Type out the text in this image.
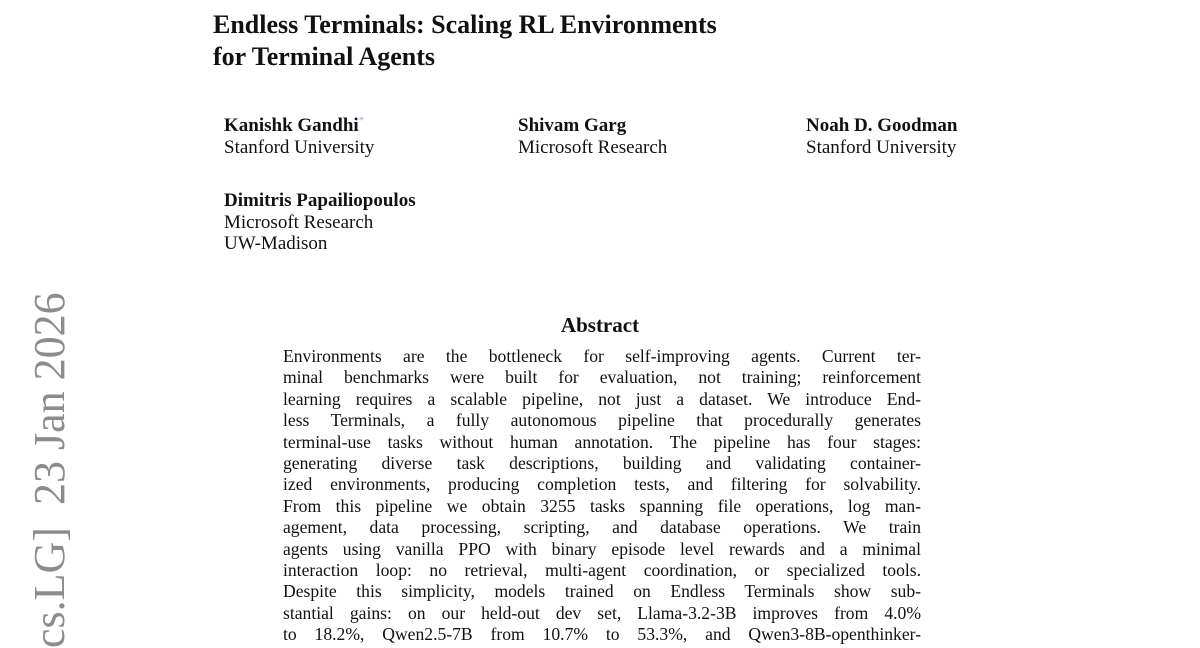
Endless Terminals: Scaling RL Environments
for Terminal Agents
Kanishk Gandhi*
Stanford University
Shivam Garg
Microsoft Research
Noah D. Goodman
Stanford University
Dimitris Papailiopoulos
Microsoft Research
UW-Madison
Abstract
Environments are the bottleneck for self-improving agents. Current ter-
minal benchmarks were built for evaluation, not training; reinforcement
learning requires a scalable pipeline, not just a dataset. We introduce End-
less Terminals, a fully autonomous pipeline that procedurally generates
terminal-use tasks without human annotation. The pipeline has four stages:
generating diverse task descriptions, building and validating container-
ized environments, producing completion tests, and filtering for solvability.
From this pipeline we obtain 3255 tasks spanning file operations, log man-
agement, data processing, scripting, and database operations. We train
agents using vanilla PPO with binary episode level rewards and a minimal
interaction loop: no retrieval, multi-agent coordination, or specialized tools.
Despite this simplicity, models trained on Endless Terminals show sub-
stantial gains: on our held-out dev set, Llama-3.2-3B improves from 4.0%
to 18.2%, Qwen2.5-7B from 10.7% to 53.3%, and Qwen3-8B-openthinker-
cs.LG]  23 Jan 2026
